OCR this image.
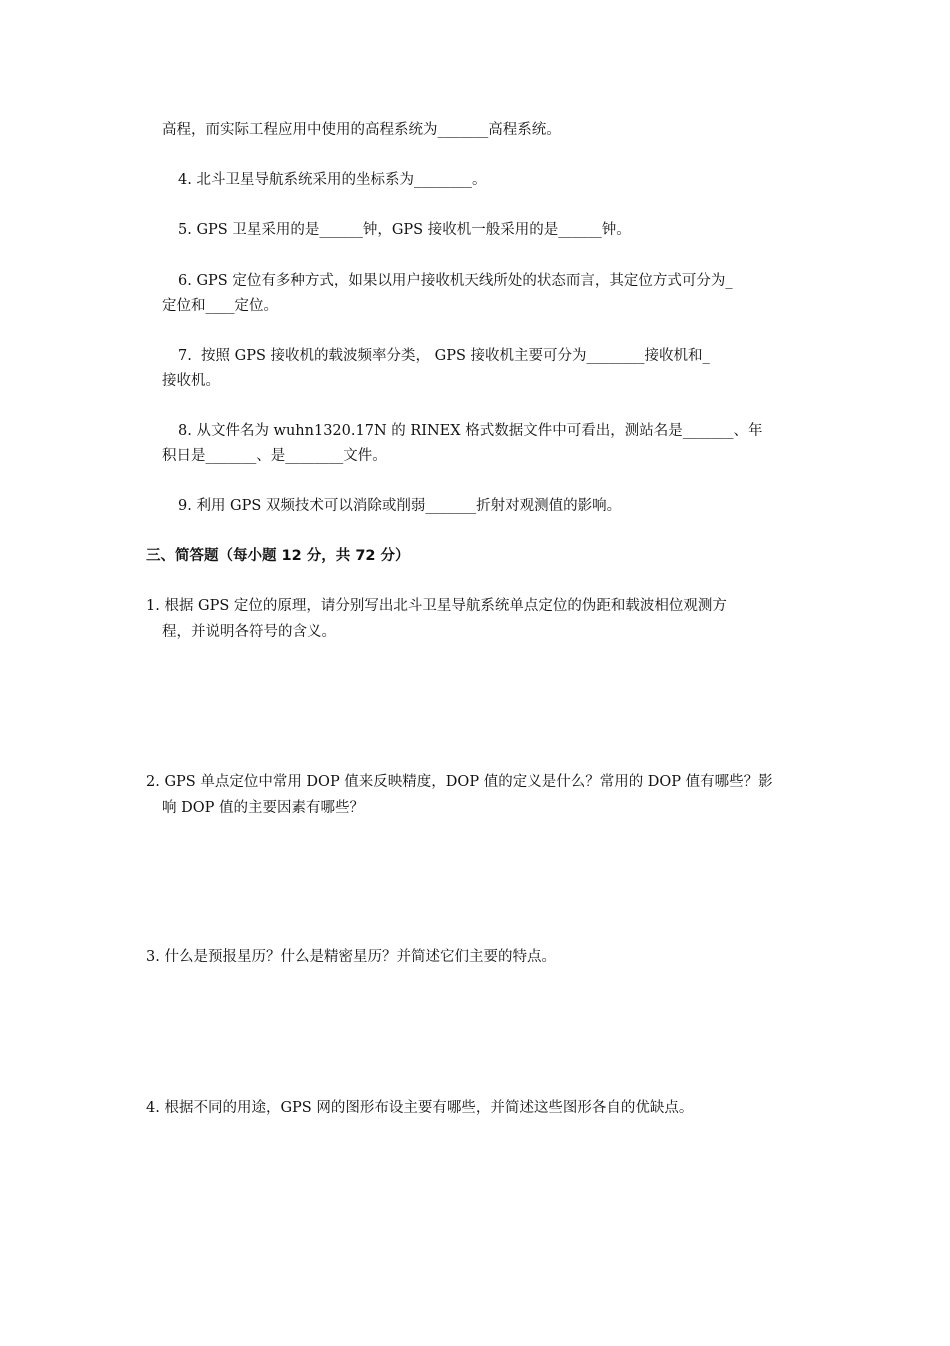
高程，而实际工程应用中使用的高程系统为_______高程系统。
4. 北斗卫星导航系统采用的坐标系为________。
5. GPS 卫星采用的是______钟，GPS 接收机一般采用的是______钟。
6. GPS 定位有多种方式，如果以用户接收机天线所处的状态而言，其定位方式可分为_
定位和____定位。
7.  按照 GPS 接收机的载波频率分类， GPS 接收机主要可分为________接收机和_
接收机。
8. 从文件名为 wuhn1320.17N 的 RINEX 格式数据文件中可看出，测站名是_______、年
积日是_______、是________文件。
9. 利用 GPS 双频技术可以消除或削弱_______折射对观测值的影响。
三、简答题（每小题 12 分，共 72 分）
1. 根据 GPS 定位的原理，请分别写出北斗卫星导航系统单点定位的伪距和载波相位观测方
程，并说明各符号的含义。
2. GPS 单点定位中常用 DOP 值来反映精度，DOP 值的定义是什么？常用的 DOP 值有哪些？影
响 DOP 值的主要因素有哪些？
3. 什么是预报星历？什么是精密星历？并简述它们主要的特点。
4. 根据不同的用途，GPS 网的图形布设主要有哪些，并简述这些图形各自的优缺点。
